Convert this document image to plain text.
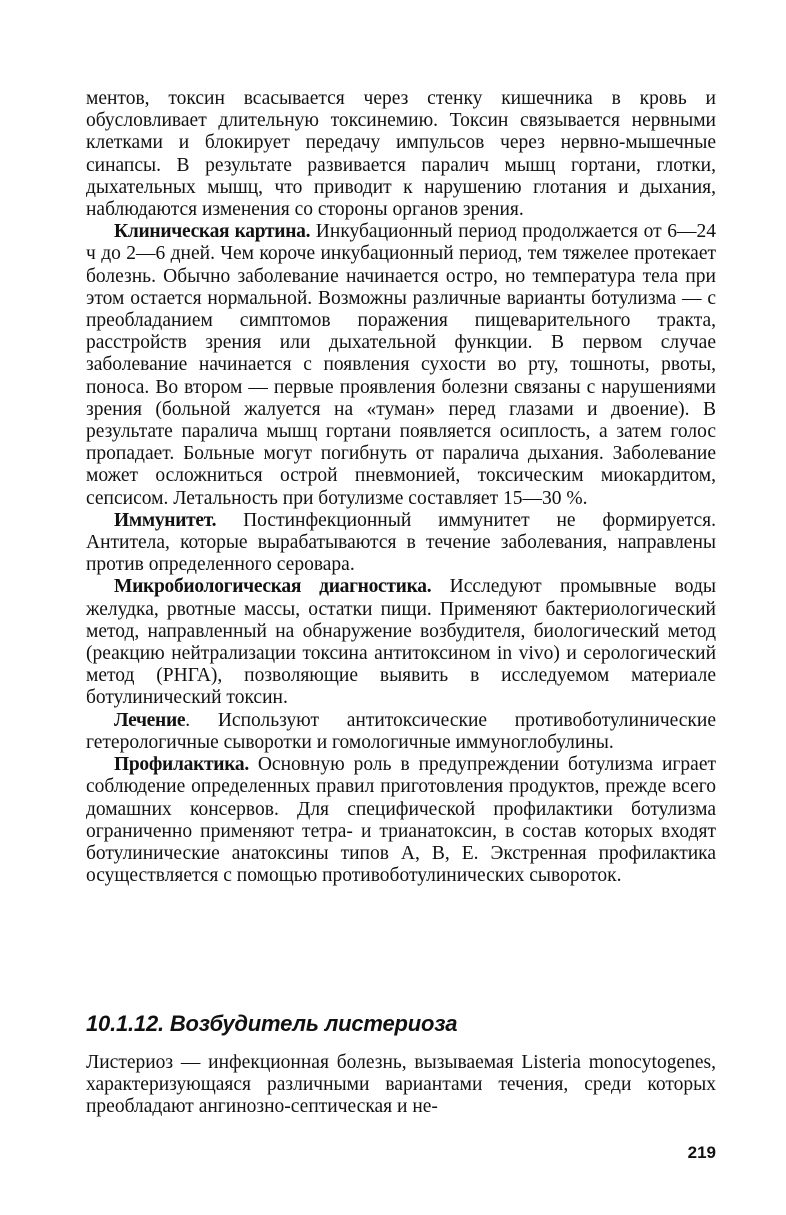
ментов, токсин всасывается через стенку кишечника в кровь и обусловливает длительную токсинемию. Токсин связывается нервными клетками и блокирует передачу импульсов через нервно-мышечные синапсы. В результате развивается паралич мышц гортани, глотки, дыхательных мышц, что приводит к нарушению глотания и дыхания, наблюдаются изменения со стороны органов зрения.

Клиническая картина. Инкубационный период продолжается от 6—24 ч до 2—6 дней. Чем короче инкубационный период, тем тяжелее протекает болезнь. Обычно заболевание начинается остро, но температура тела при этом остается нормальной. Возможны различные варианты ботулизма — с преобладанием симптомов поражения пищеварительного тракта, расстройств зрения или дыхательной функции. В первом случае заболевание начинается с появления сухости во рту, тошноты, рвоты, поноса. Во втором — первые проявления болезни связаны с нарушениями зрения (больной жалуется на «туман» перед глазами и двоение). В результате паралича мышц гортани появляется осиплость, а затем голос пропадает. Больные могут погибнуть от паралича дыхания. Заболевание может осложниться острой пневмонией, токсическим миокардитом, сепсисом. Летальность при ботулизме составляет 15—30 %.

Иммунитет. Постинфекционный иммунитет не формируется. Антитела, которые вырабатываются в течение заболевания, направлены против определенного серовара.

Микробиологическая диагностика. Исследуют промывные воды желудка, рвотные массы, остатки пищи. Применяют бактериологический метод, направленный на обнаружение возбудителя, биологический метод (реакцию нейтрализации токсина антитоксином in vivo) и серологический метод (РНГА), позволяющие выявить в исследуемом материале ботулинический токсин.

Лечение. Используют антитоксические противоботулинические гетерологичные сыворотки и гомологичные иммуноглобулины.

Профилактика. Основную роль в предупреждении ботулизма играет соблюдение определенных правил приготовления продуктов, прежде всего домашних консервов. Для специфической профилактики ботулизма ограниченно применяют тетра- и трианатоксин, в состав которых входят ботулинические анатоксины типов А, В, Е. Экстренная профилактика осуществляется с помощью противоботулинических сывороток.

10.1.12. Возбудитель листериоза

Листериоз — инфекционная болезнь, вызываемая Listeria monocytogenes, характеризующаяся различными вариантами течения, среди которых преобладают ангинозно-септическая и не-

219
